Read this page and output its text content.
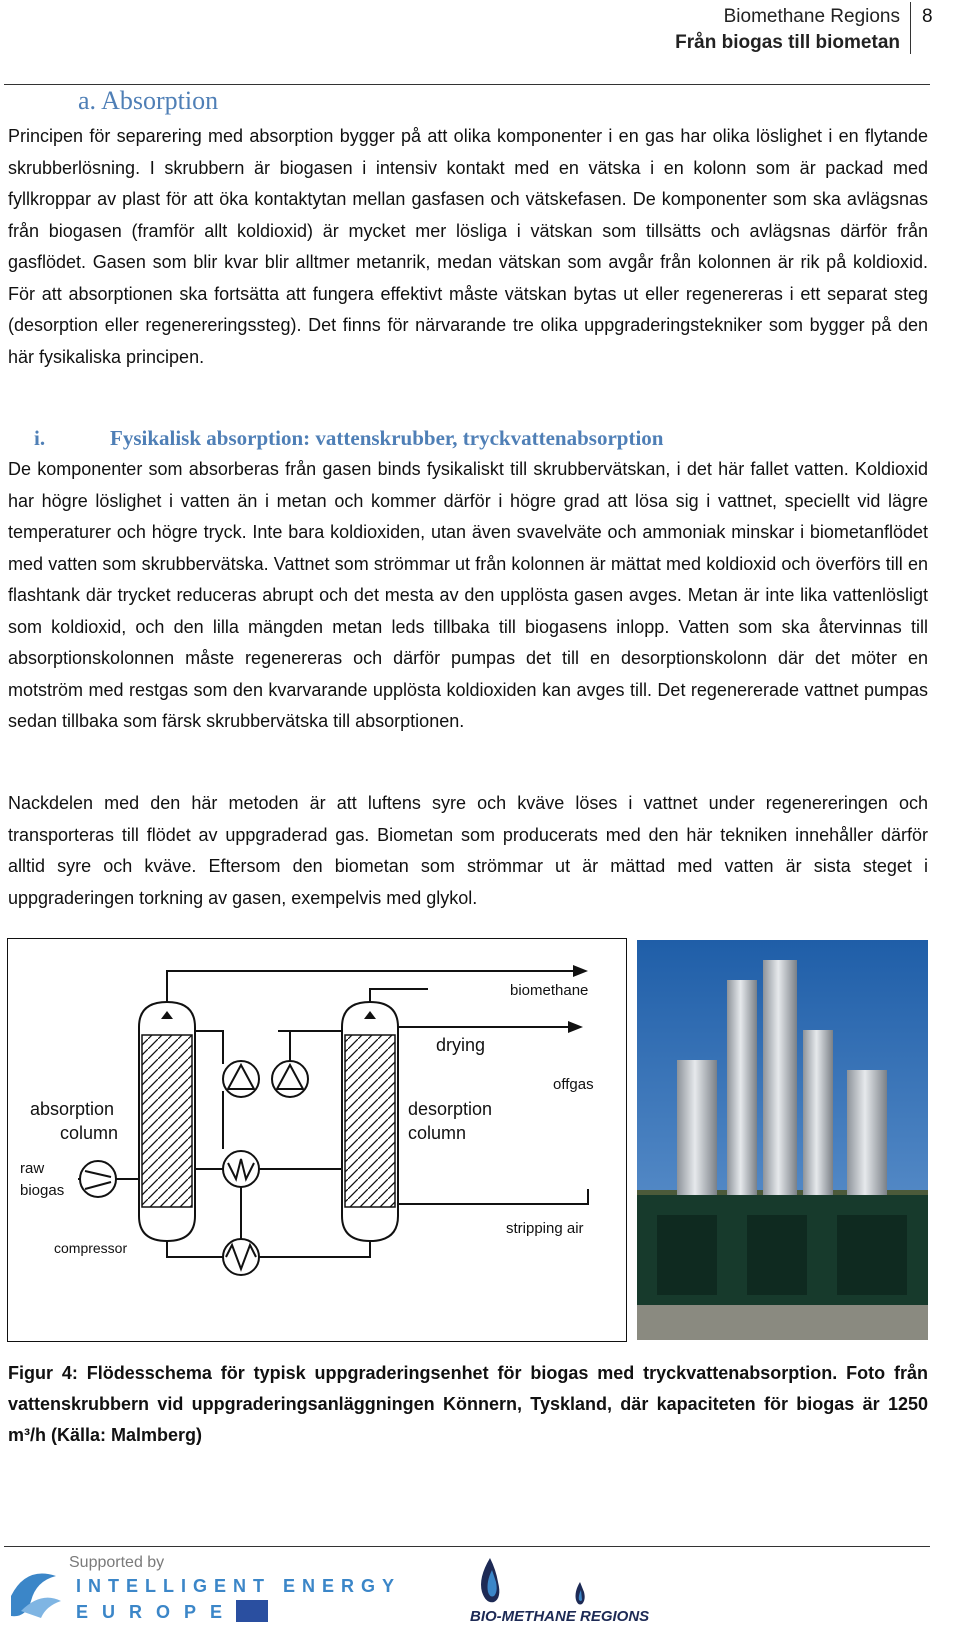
Biomethane Regions
Från biogas till biometan
8
a. Absorption

Principen för separering med absorption bygger på att olika komponenter i en gas har olika löslighet i en flytande skrubberlösning. I skrubbern är biogasen i intensiv kontakt med en vätska i en kolonn som är packad med fyllkroppar av plast för att öka kontaktytan mellan gasfasen och vätskefasen. De komponenter som ska avlägsnas från biogasen (framför allt koldioxid) är mycket mer lösliga i vätskan som tillsätts och avlägsnas därför från gasflödet. Gasen som blir kvar blir alltmer metanrik, medan vätskan som avgår från kolonnen är rik på koldioxid. För att absorptionen ska fortsätta att fungera effektivt måste vätskan bytas ut eller regenereras i ett separat steg (desorption eller regenereringssteg). Det finns för närvarande tre olika uppgraderingstekniker som bygger på den här fysikaliska principen.

i.	Fysikalisk absorption: vattenskrubber, tryckvattenabsorption

De komponenter som absorberas från gasen binds fysikaliskt till skrubbervätskan, i det här fallet vatten. Koldioxid har högre löslighet i vatten än i metan och kommer därför i högre grad att lösa sig i vattnet, speciellt vid lägre temperaturer och högre tryck. Inte bara koldioxiden, utan även svavelväte och ammoniak minskar i biometanflödet med vatten som skrubbervätska. Vattnet som strömmar ut från kolonnen är mättat med koldioxid och överförs till en flashtank där trycket reduceras abrupt och det mesta av den upplösta gasen avges. Metan är inte lika vattenlösligt som koldioxid, och den lilla mängden metan leds tillbaka till biogasens inlopp. Vatten som ska återvinnas till absorptionskolonnen måste regenereras och därför pumpas det till en desorptionskolonn där det möter en motström med restgas som den kvarvarande upplösta koldioxiden kan avges till. Det regenererade vattnet pumpas sedan tillbaka som färsk skrubbervätska till absorptionen.

Nackdelen med den här metoden är att luftens syre och kväve löses i vattnet under regenereringen och transporteras till flödet av uppgraderad gas. Biometan som producerats med den här tekniken innehåller därför alltid syre och kväve. Eftersom den biometan som strömmar ut är mättad med vatten är sista steget i uppgraderingen torkning av gasen, exempelvis med glykol.

biomethane
drying
offgas
absorption
column
desorption
column
raw
biogas
compressor
stripping air

Figur 4: Flödesschema för typisk uppgraderingsenhet för biogas med tryckvattenabsorption. Foto från vattenskrubbern vid uppgraderingsanläggningen Könnern, Tyskland, där kapaciteten för biogas är 1250 m³/h (Källa: Malmberg)

Supported by
INTELLIGENT ENERGY
EUROPE	BIO-METHANE REGIONS
